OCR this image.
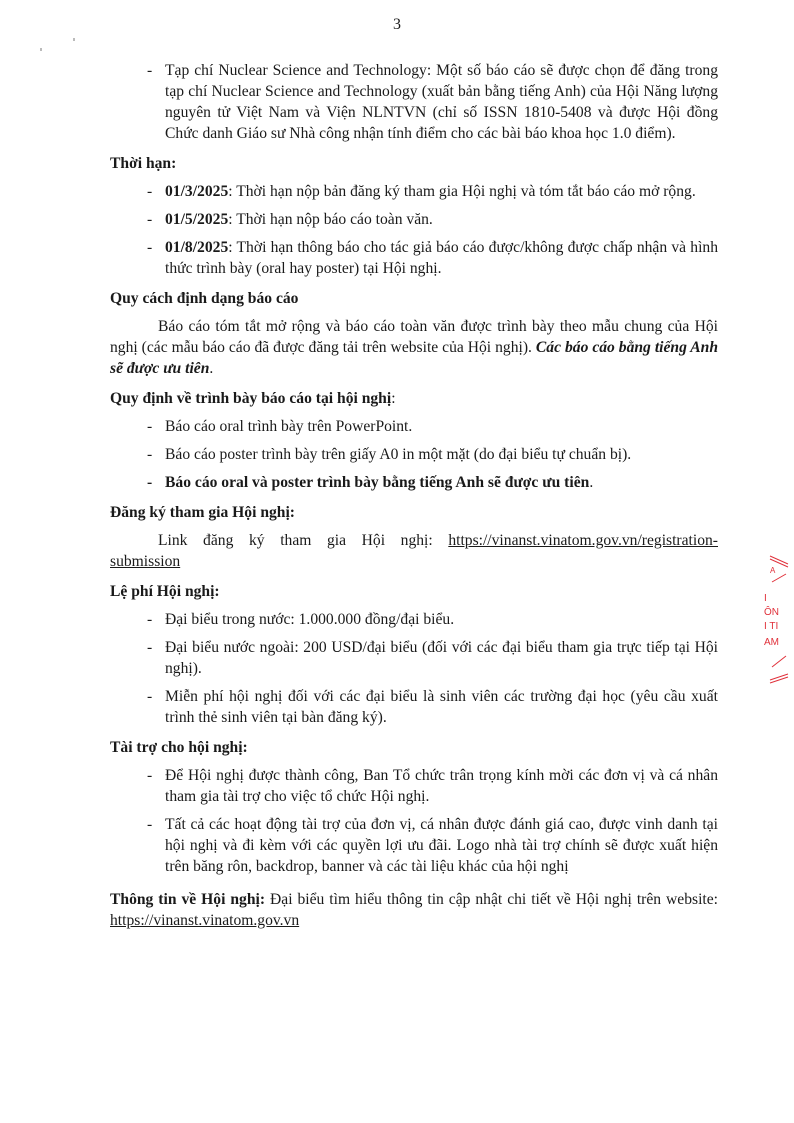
3
- Tạp chí Nuclear Science and Technology: Một số báo cáo sẽ được chọn để đăng trong tạp chí Nuclear Science and Technology (xuất bản bằng tiếng Anh) của Hội Năng lượng nguyên tử Việt Nam và Viện NLNTVN (chỉ số ISSN 1810-5408 và được Hội đồng Chức danh Giáo sư Nhà công nhận tính điểm cho các bài báo khoa học 1.0 điểm).
Thời hạn:
- 01/3/2025: Thời hạn nộp bản đăng ký tham gia Hội nghị và tóm tắt báo cáo mở rộng.
- 01/5/2025: Thời hạn nộp báo cáo toàn văn.
- 01/8/2025: Thời hạn thông báo cho tác giả báo cáo được/không được chấp nhận và hình thức trình bày (oral hay poster) tại Hội nghị.
Quy cách định dạng báo cáo
Báo cáo tóm tắt mở rộng và báo cáo toàn văn được trình bày theo mẫu chung của Hội nghị (các mẫu báo cáo đã được đăng tải trên website của Hội nghị). Các báo cáo bằng tiếng Anh sẽ được ưu tiên.
Quy định về trình bày báo cáo tại hội nghị:
- Báo cáo oral trình bày trên PowerPoint.
- Báo cáo poster trình bày trên giấy A0 in một mặt (do đại biểu tự chuẩn bị).
- Báo cáo oral và poster trình bày bằng tiếng Anh sẽ được ưu tiên.
Đăng ký tham gia Hội nghị:
Link đăng ký tham gia Hội nghị: https://vinanst.vinatom.gov.vn/registration-submission
Lệ phí Hội nghị:
- Đại biểu trong nước: 1.000.000 đồng/đại biểu.
- Đại biểu nước ngoài: 200 USD/đại biểu (đối với các đại biểu tham gia trực tiếp tại Hội nghị).
- Miễn phí hội nghị đối với các đại biểu là sinh viên các trường đại học (yêu cầu xuất trình thẻ sinh viên tại bàn đăng ký).
Tài trợ cho hội nghị:
- Để Hội nghị được thành công, Ban Tổ chức trân trọng kính mời các đơn vị và cá nhân tham gia tài trợ cho việc tổ chức Hội nghị.
- Tất cả các hoạt động tài trợ của đơn vị, cá nhân được đánh giá cao, được vinh danh tại hội nghị và đi kèm với các quyền lợi ưu đãi. Logo nhà tài trợ chính sẽ được xuất hiện trên băng rôn, backdrop, banner và các tài liệu khác của hội nghị
Thông tin về Hội nghị: Đại biểu tìm hiểu thông tin cập nhật chi tiết về Hội nghị trên website: https://vinanst.vinatom.gov.vn
A
I
ÔN
I TI
AM
